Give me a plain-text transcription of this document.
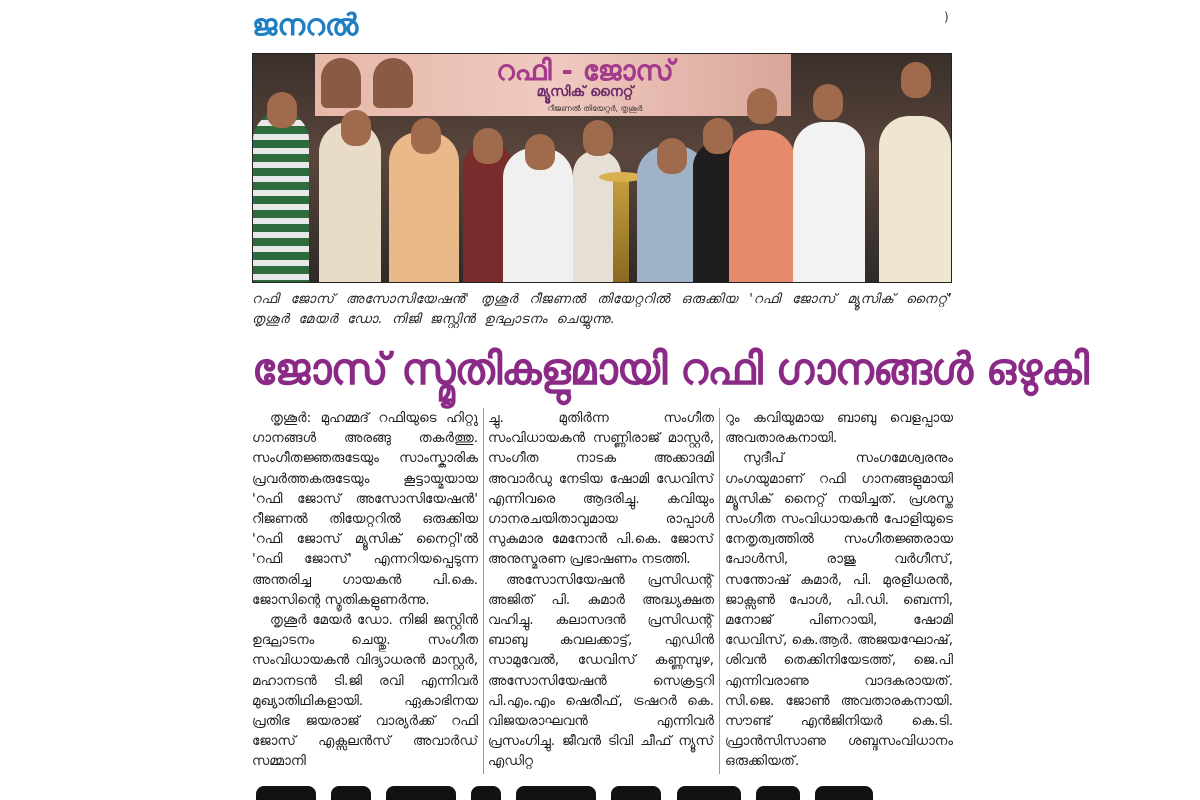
ജനറൽ	)
റഫി - ജോസ്
മ്യൂസിക് നൈറ്റ്
റീജണൽ തിയേറ്റർ, തൃശൂർ
റഫി ജോസ് അസോസിയേഷൻ' തൃശൂർ റീജണൽ തിയേറ്ററിൽ ഒരുക്കിയ 'റഫി ജോസ് മ്യൂസിക് നൈറ്റ്' തൃശൂർ മേയർ ഡോ. നിജി ജസ്റ്റിൻ ഉദ്ഘാടനം ചെയ്യുന്നു.
ജോസ് സ്മൃതികളുമായി റഫി ഗാനങ്ങൾ ഒഴുകി

തൃശൂർ: മുഹമ്മദ് റഫിയുടെ ഹിറ്റു ഗാനങ്ങൾ അരങ്ങു തകർത്തു. സംഗീതജ്ഞരുടേയും സാംസ്കാരിക പ്രവർത്തകരുടേയും കൂട്ടായ്മയായ 'റഫി ജോസ് അസോസിയേഷൻ' റീജണൽ തിയേറ്ററിൽ ഒരുക്കിയ 'റഫി ജോസ് മ്യൂസിക് നൈറ്റി'ൽ 'റഫി ജോസ്' എന്നറിയപ്പെടുന്ന അന്തരിച്ച ഗായകൻ പി.കെ. ജോസിന്റെ സ്മൃതികളുണർന്നു.

തൃശൂർ മേയർ ഡോ. നിജി ജസ്റ്റിൻ ഉദ്ഘാടനം ചെയ്തു. സംഗീത സംവിധായകൻ വിദ്യാധരൻ മാസ്റ്റർ, മഹാനടൻ ടി.ജി രവി എന്നിവർ മുഖ്യാതിഥികളായി. ഏകാഭിനയ പ്രതിഭ ജയരാജ് വാര്യർക്ക് റഫി ജോസ് എക്സലൻസ് അവാർഡ് സമ്മാനി

ച്ചു. മുതിർന്ന സംഗീത സംവിധായകൻ സണ്ണിരാജ് മാസ്റ്റർ, സംഗീത നാടക അക്കാദമി അവാർഡു നേടിയ ഷോമി ഡേവിസ് എന്നിവരെ ആദരിച്ചു. കവിയും ഗാനരചയിതാവുമായ രാപ്പാൾ സുകുമാര മേനോൻ പി.കെ. ജോസ് അനുസ്മരണ പ്രഭാഷണം നടത്തി.

അസോസിയേഷൻ പ്രസിഡന്റ് അജിത് പി. കുമാർ അദ്ധ്യക്ഷത വഹിച്ചു. കലാസദൻ പ്രസിഡന്റ് ബാബു കവലക്കാട്ട്, എഡിൻ സാമുവേൽ, ഡേവിസ് കണ്ണമ്പുഴ, അസോസിയേഷൻ സെക്രട്ടറി പി.എം.എം ഷെരീഫ്, ട്രഷറർ കെ. വിജയരാഘവൻ എന്നിവർ പ്രസംഗിച്ചു. ജീവൻ ടിവി ചീഫ് ന്യൂസ് എഡിറ്റ

റും കവിയുമായ ബാബു വെളപ്പായ അവതാരകനായി.

സുദീപ് സംഗമേശ്വരനും ഗംഗയുമാണ് റഫി ഗാനങ്ങളുമായി മ്യൂസിക് നൈറ്റ് നയിച്ചത്. പ്രശസ്ത സംഗീത സംവിധായകൻ പോളിയുടെ നേതൃത്വത്തിൽ സംഗീതജ്ഞരായ പോൾസി, രാജു വർഗീസ്, സന്തോഷ് കുമാർ, പി. മുരളീധരൻ, ജാക്സൺ പോൾ, പി.ഡി. ബെന്നി, മനോജ് പിണറായി, ഷോമി ഡേവിസ്, കെ.ആർ. അജയഘോഷ്, ശിവൻ തെക്കിനിയേടത്ത്, ജെ.പി എന്നിവരാണു വാദകരായത്. സി.ജെ. ജോൺ അവതാരകനായി. സൗണ്ട് എൻജിനിയർ കെ.ടി. ഫ്രാൻസിസാണു ശബ്ദസംവിധാനം ഒരുക്കിയത്.
